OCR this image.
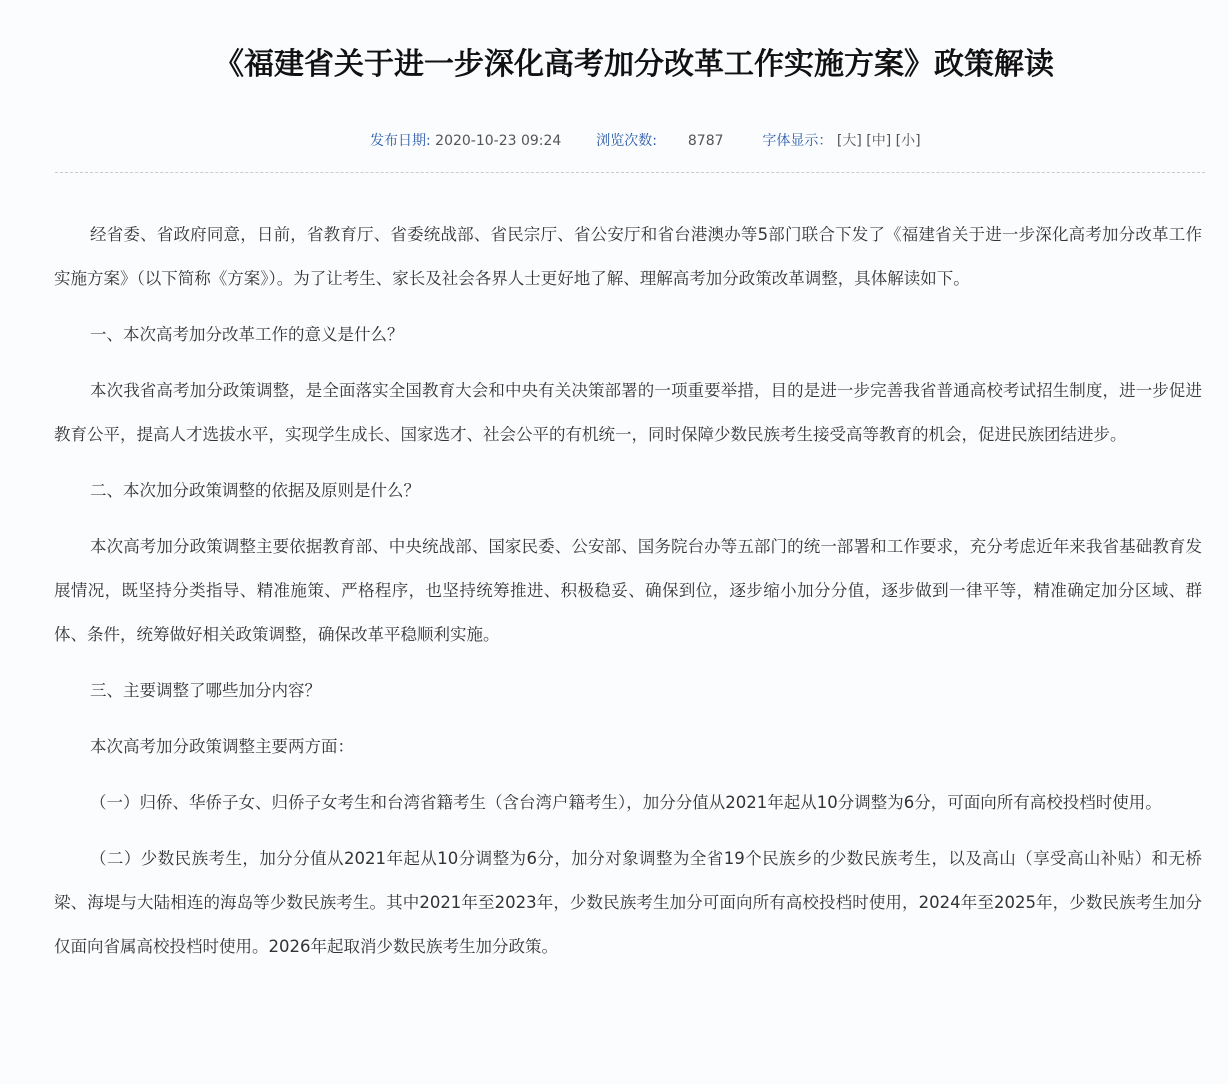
《福建省关于进一步深化高考加分改革工作实施方案》政策解读
发布日期: 2020-10-23 09:24 浏览次数: 8787	字体显示： [大] [中] [小]

经省委、省政府同意，日前，省教育厅、省委统战部、省民宗厅、省公安厅和省台港澳办等5部门联合下发了《福建省关于进一步深化高考加分改革工作实施方案》（以下简称《方案》）。为了让考生、家长及社会各界人士更好地了解、理解高考加分政策改革调整，具体解读如下。

一、本次高考加分改革工作的意义是什么？

本次我省高考加分政策调整，是全面落实全国教育大会和中央有关决策部署的一项重要举措，目的是进一步完善我省普通高校考试招生制度，进一步促进教育公平，提高人才选拔水平，实现学生成长、国家选才、社会公平的有机统一，同时保障少数民族考生接受高等教育的机会，促进民族团结进步。

二、本次加分政策调整的依据及原则是什么？

本次高考加分政策调整主要依据教育部、中央统战部、国家民委、公安部、国务院台办等五部门的统一部署和工作要求，充分考虑近年来我省基础教育发展情况，既坚持分类指导、精准施策、严格程序，也坚持统筹推进、积极稳妥、确保到位，逐步缩小加分分值，逐步做到一律平等，精准确定加分区域、群体、条件，统筹做好相关政策调整，确保改革平稳顺利实施。

三、主要调整了哪些加分内容？

本次高考加分政策调整主要两方面：

（一）归侨、华侨子女、归侨子女考生和台湾省籍考生（含台湾户籍考生），加分分值从2021年起从10分调整为6分，可面向所有高校投档时使用。

（二）少数民族考生，加分分值从2021年起从10分调整为6分，加分对象调整为全省19个民族乡的少数民族考生，以及高山（享受高山补贴）和无桥梁、海堤与大陆相连的海岛等少数民族考生。其中2021年至2023年，少数民族考生加分可面向所有高校投档时使用，2024年至2025年，少数民族考生加分仅面向省属高校投档时使用。2026年起取消少数民族考生加分政策。
